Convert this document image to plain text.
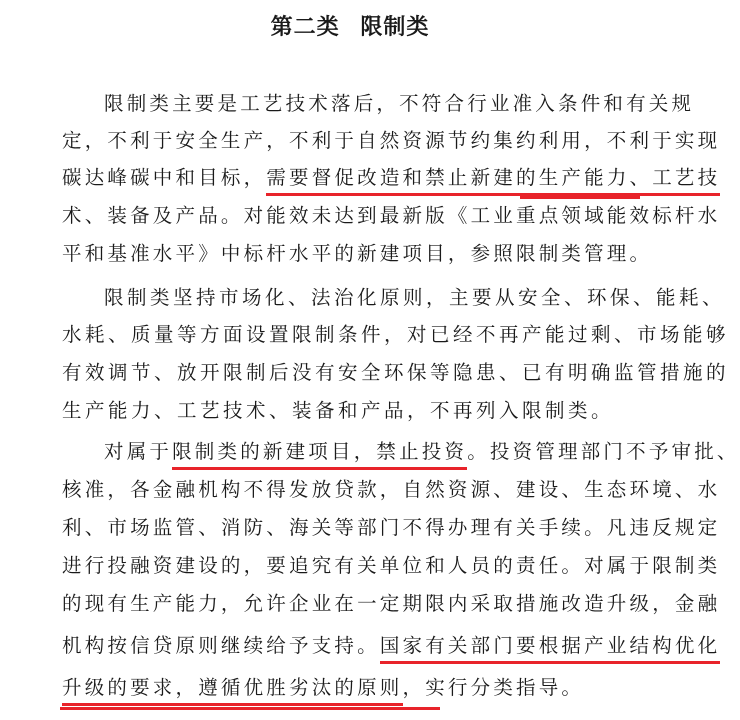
第二类 限制类
限制类主要是工艺技术落后，不符合行业准入条件和有关规
定，不利于安全生产，不利于自然资源节约集约利用，不利于实现
碳达峰碳中和目标，需要督促改造和禁止新建的生产能力、工艺技
术、装备及产品。对能效未达到最新版《工业重点领域能效标杆水
平和基准水平》中标杆水平的新建项目，参照限制类管理。
限制类坚持市场化、法治化原则，主要从安全、环保、能耗、
水耗、质量等方面设置限制条件，对已经不再产能过剩、市场能够
有效调节、放开限制后没有安全环保等隐患、已有明确监管措施的
生产能力、工艺技术、装备和产品，不再列入限制类。
对属于限制类的新建项目，禁止投资。投资管理部门不予审批、
核准，各金融机构不得发放贷款，自然资源、建设、生态环境、水
利、市场监管、消防、海关等部门不得办理有关手续。凡违反规定
进行投融资建设的，要追究有关单位和人员的责任。对属于限制类
的现有生产能力，允许企业在一定期限内采取措施改造升级，金融
机构按信贷原则继续给予支持。国家有关部门要根据产业结构优化
升级的要求，遵循优胜劣汰的原则，实行分类指导。
